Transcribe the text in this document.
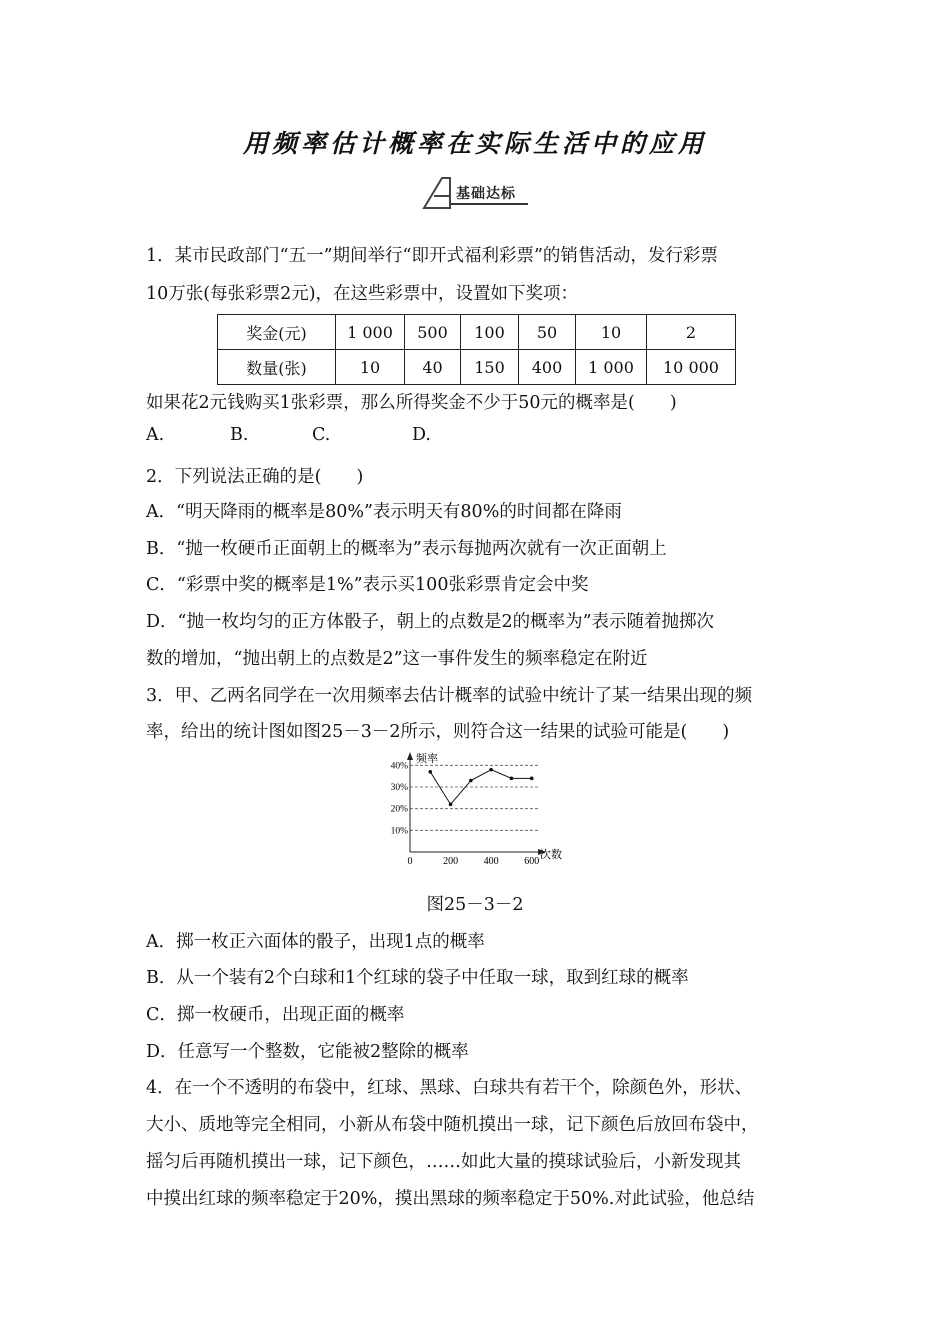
用频率估计概率在实际生活中的应用
基础达标
1．某市民政部门“五一”期间举行“即开式福利彩票”的销售活动，发行彩票
10万张(每张彩票2元)，在这些彩票中，设置如下奖项：
奖金(元)	1 000	500	100	50	10	2
数量(张)	10	40	150	400	1 000	10 000
如果花2元钱购买1张彩票，那么所得奖金不少于50元的概率是(　　)
A.	B.	C.	D.
2．下列说法正确的是(　　)
A．“明天降雨的概率是80%”表示明天有80%的时间都在降雨
B．“抛一枚硬币正面朝上的概率为”表示每抛两次就有一次正面朝上
C．“彩票中奖的概率是1%”表示买100张彩票肯定会中奖
D．“抛一枚均匀的正方体骰子，朝上的点数是2的概率为”表示随着抛掷次
数的增加，“抛出朝上的点数是2”这一事件发生的频率稳定在附近
3．甲、乙两名同学在一次用频率去估计概率的试验中统计了某一结果出现的频
率，给出的统计图如图25－3－2所示，则符合这一结果的试验可能是(　　)
频率
次数
10%
20%
30%
40%
0	200	400	600
图25－3－2
A．掷一枚正六面体的骰子，出现1点的概率
B．从一个装有2个白球和1个红球的袋子中任取一球，取到红球的概率
C．掷一枚硬币，出现正面的概率
D．任意写一个整数，它能被2整除的概率
4．在一个不透明的布袋中，红球、黑球、白球共有若干个，除颜色外，形状、
大小、质地等完全相同，小新从布袋中随机摸出一球，记下颜色后放回布袋中，
摇匀后再随机摸出一球，记下颜色，……如此大量的摸球试验后，小新发现其
中摸出红球的频率稳定于20%，摸出黑球的频率稳定于50%.对此试验，他总结
